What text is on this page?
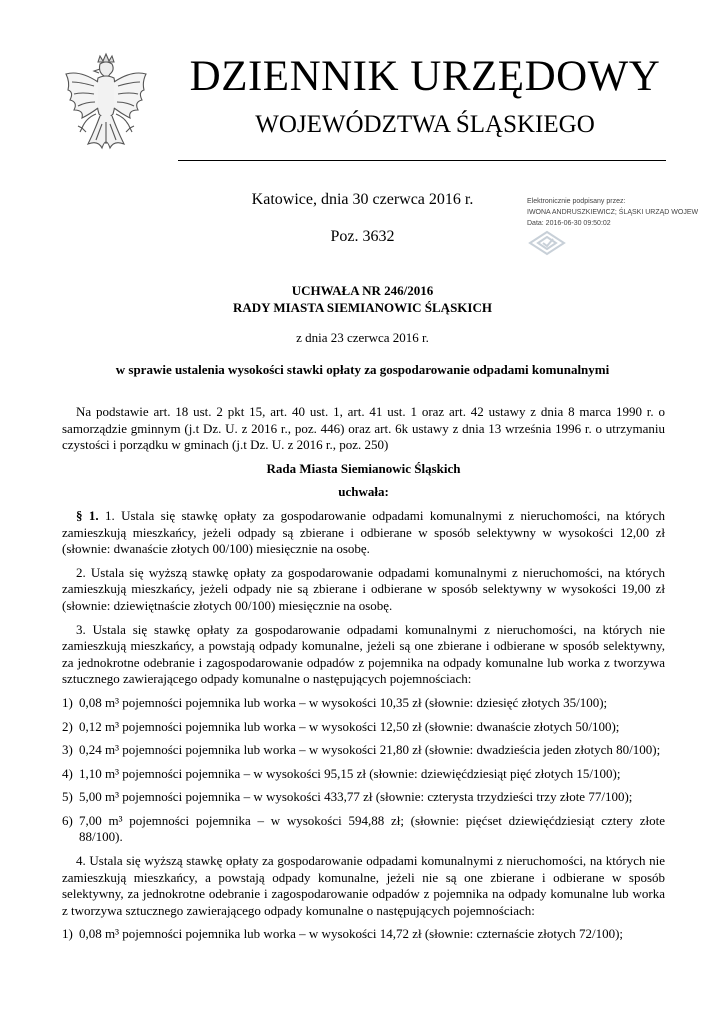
DZIENNIK URZĘDOWY
WOJEWÓDZTWA ŚLĄSKIEGO
Katowice, dnia 30 czerwca 2016 r.
Poz. 3632
Elektronicznie podpisany przez:
IWONA ANDRUSZKIEWICZ; ŚLĄSKI URZĄD WOJEW
Data: 2016-06-30 09:50:02
UCHWAŁA NR 246/2016
RADY MIASTA SIEMIANOWIC ŚLĄSKICH
z dnia 23 czerwca 2016 r.
w sprawie ustalenia wysokości stawki opłaty za gospodarowanie odpadami komunalnymi

Na podstawie art. 18 ust. 2 pkt 15, art. 40 ust. 1, art. 41 ust. 1 oraz art. 42 ustawy z dnia 8 marca 1990 r. o samorządzie gminnym (j.t Dz. U. z 2016 r., poz. 446) oraz art. 6k ustawy z dnia 13 września 1996 r. o utrzymaniu czystości i porządku w gminach (j.t Dz. U. z 2016 r., poz. 250)

Rada Miasta Siemianowic Śląskich

uchwała:

§ 1. 1. Ustala się stawkę opłaty za gospodarowanie odpadami komunalnymi z nieruchomości, na których zamieszkują mieszkańcy, jeżeli odpady są zbierane i odbierane w sposób selektywny w wysokości 12,00 zł (słownie: dwanaście złotych 00/100) miesięcznie na osobę.

2. Ustala się wyższą stawkę opłaty za gospodarowanie odpadami komunalnymi z nieruchomości, na których zamieszkują mieszkańcy, jeżeli odpady nie są zbierane i odbierane w sposób selektywny w wysokości 19,00 zł (słownie: dziewiętnaście złotych 00/100) miesięcznie na osobę.

3. Ustala się stawkę opłaty za gospodarowanie odpadami komunalnymi z nieruchomości, na których nie zamieszkują mieszkańcy, a powstają odpady komunalne, jeżeli są one zbierane i odbierane w sposób selektywny, za jednokrotne odebranie i zagospodarowanie odpadów z pojemnika na odpady komunalne lub worka z tworzywa sztucznego zawierającego odpady komunalne o następujących pojemnościach:

1) 0,08 m³ pojemności pojemnika lub worka – w wysokości 10,35 zł (słownie: dziesięć złotych 35/100);
2) 0,12 m³ pojemności pojemnika lub worka – w wysokości 12,50 zł (słownie: dwanaście złotych 50/100);
3) 0,24 m³ pojemności pojemnika lub worka – w wysokości 21,80 zł (słownie: dwadzieścia jeden złotych 80/100);
4) 1,10 m³ pojemności pojemnika – w wysokości 95,15 zł (słownie: dziewięćdziesiąt pięć złotych 15/100);
5) 5,00 m³ pojemności pojemnika – w wysokości 433,77 zł (słownie: czterysta trzydzieści trzy złote 77/100);
6) 7,00 m³ pojemności pojemnika – w wysokości 594,88 zł; (słownie: pięćset dziewięćdziesiąt cztery złote 88/100).

4. Ustala się wyższą stawkę opłaty za gospodarowanie odpadami komunalnymi z nieruchomości, na których nie zamieszkują mieszkańcy, a powstają odpady komunalne, jeżeli nie są one zbierane i odbierane w sposób selektywny, za jednokrotne odebranie i zagospodarowanie odpadów z pojemnika na odpady komunalne lub worka z tworzywa sztucznego zawierającego odpady komunalne o następujących pojemnościach:

1) 0,08 m³ pojemności pojemnika lub worka – w wysokości 14,72 zł (słownie: czternaście złotych 72/100);
